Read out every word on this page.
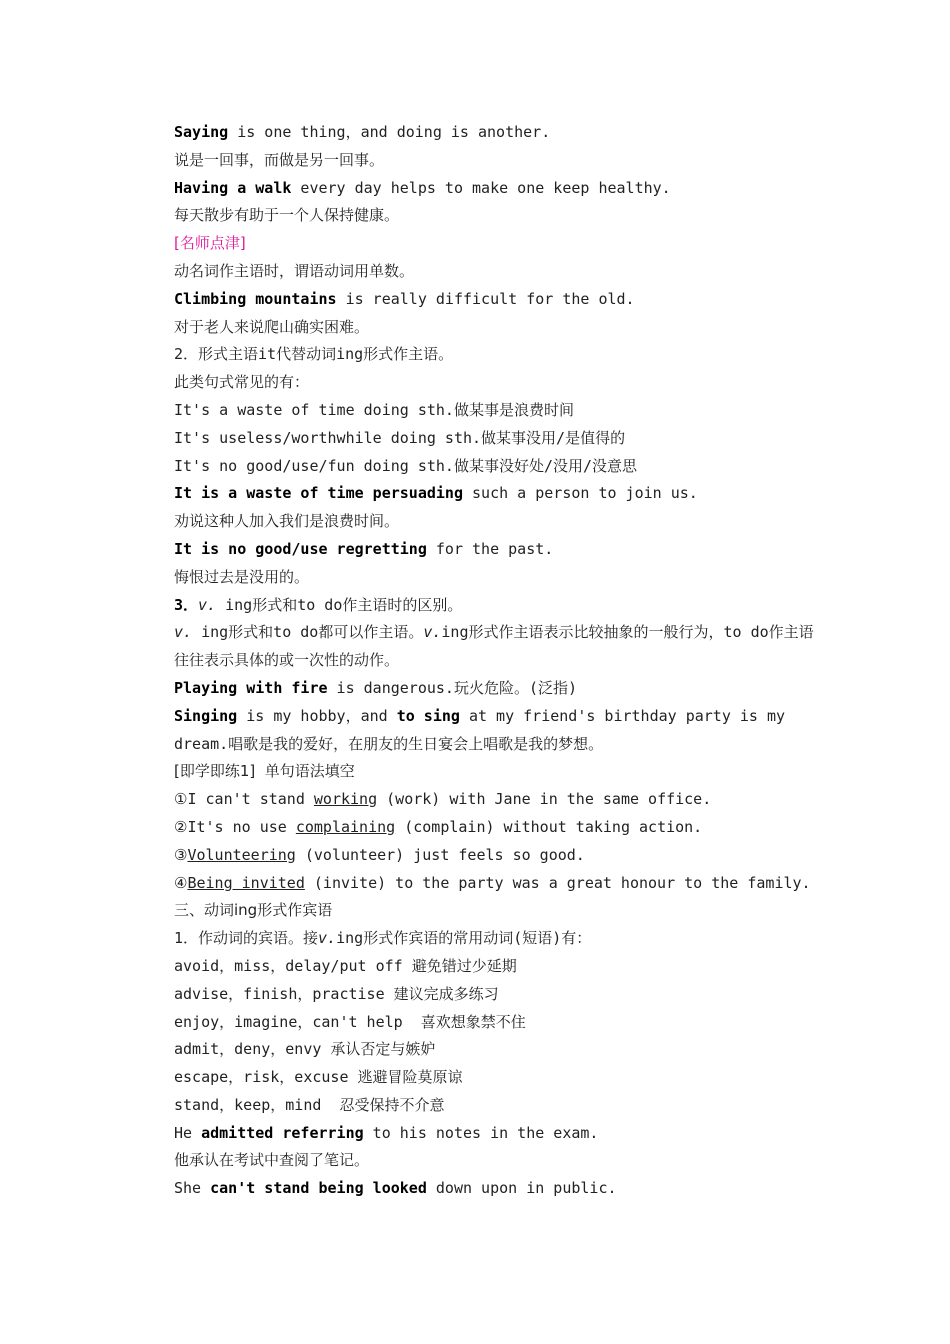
Saying is one thing，and doing is another.
说是一回事，而做是另一回事。
Having a walk every day helps to make one keep healthy.
每天散步有助于一个人保持健康。
[名师点津]
动名词作主语时，谓语动词用单数。
Climbing mountains is really difficult for the old.
对于老人来说爬山确实困难。
2．形式主语it代替动词ing形式作主语。
此类句式常见的有：
It's a waste of time doing sth.做某事是浪费时间
It's useless/worthwhile doing sth.做某事没用/是值得的
It's no good/use/fun doing sth.做某事没好处/没用/没意思
It is a waste of time persuading such a person to join us.
劝说这种人加入我们是浪费时间。
It is no good/use regretting for the past.
悔恨过去是没用的。
3．v. ing形式和to do作主语时的区别。
v. ing形式和to do都可以作主语。v.ing形式作主语表示比较抽象的一般行为，to do作主语往往表示具体的或一次性的动作。
Playing with fire is dangerous.玩火危险。(泛指)
Singing is my hobby，and to sing at my friend's birthday party is my dream.唱歌是我的爱好，在朋友的生日宴会上唱歌是我的梦想。
[即学即练1]  单句语法填空
①I can't stand working (work) with Jane in the same office.
②It's no use complaining (complain) without taking action.
③Volunteering (volunteer) just feels so good.
④Being invited (invite) to the party was a great honour to the family.
三、动词ing形式作宾语
1．作动词的宾语。接v.ing形式作宾语的常用动词(短语)有：
avoid，miss，delay/put off 避免错过少延期
advise，finish，practise 建议完成多练习
enjoy，imagine，can't help  喜欢想象禁不住
admit，deny，envy 承认否定与嫉妒
escape，risk，excuse 逃避冒险莫原谅
stand，keep，mind  忍受保持不介意
He admitted referring to his notes in the exam.
他承认在考试中查阅了笔记。
She can't stand being looked down upon in public.
